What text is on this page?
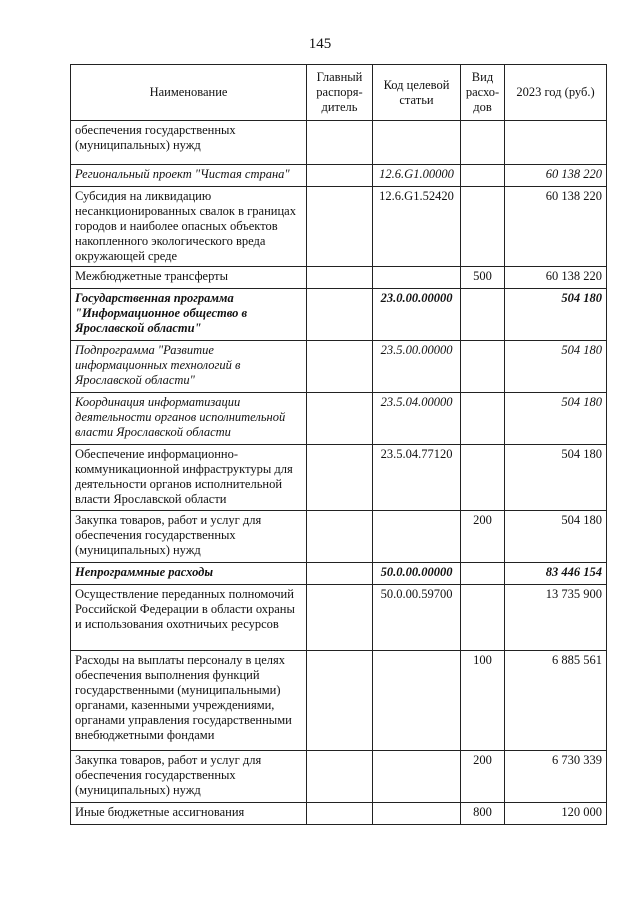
145
Наименование	Главный распоря-дитель	Код целевой статьи	Вид расхо-дов	2023 год (руб.)
обеспечения государственных (муниципальных) нужд				
Региональный проект "Чистая страна"		12.6.G1.00000		60 138 220
Субсидия на ликвидацию несанкционированных свалок в границах городов и наиболее опасных объектов накопленного экологического вреда окружающей среде		12.6.G1.52420		60 138 220
Межбюджетные трансферты			500	60 138 220
Государственная программа "Информационное общество в Ярославской области"		23.0.00.00000		504 180
Подпрограмма "Развитие информационных технологий в Ярославской области"		23.5.00.00000		504 180
Координация информатизации деятельности органов исполнительной власти Ярославской области		23.5.04.00000		504 180
Обеспечение информационно-коммуникационной инфраструктуры для деятельности органов исполнительной власти Ярославской области		23.5.04.77120		504 180
Закупка товаров, работ и услуг для обеспечения государственных (муниципальных) нужд			200	504 180
Непрограммные расходы		50.0.00.00000		83 446 154
Осуществление переданных полномочий Российской Федерации в области охраны и использования охотничьих ресурсов		50.0.00.59700		13 735 900
Расходы на выплаты персоналу в целях обеспечения выполнения функций государственными (муниципальными) органами, казенными учреждениями, органами управления государственными внебюджетными фондами			100	6 885 561
Закупка товаров, работ и услуг для обеспечения государственных (муниципальных) нужд			200	6 730 339
Иные бюджетные ассигнования			800	120 000
